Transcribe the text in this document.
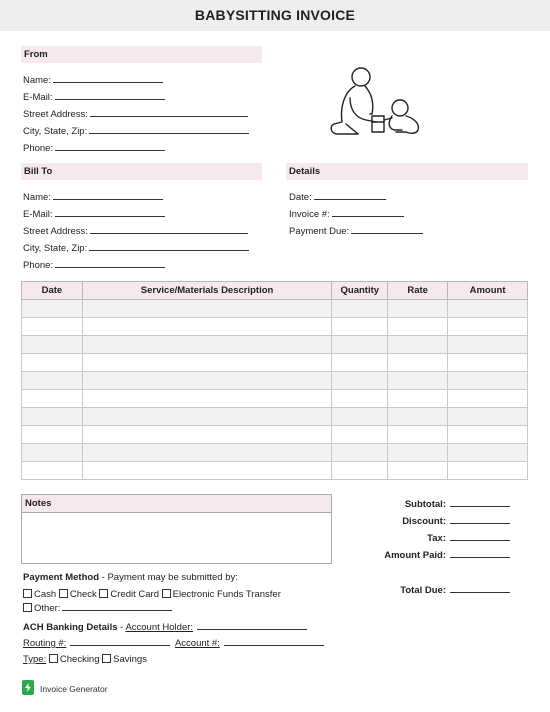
BABYSITTING INVOICE
From
Name:
E-Mail:
Street Address:
City, State, Zip:
Phone:
Bill To
Name:
E-Mail:
Street Address:
City, State, Zip:
Phone:
Details
Date:
Invoice #:
Payment Due:
Date	Service/Materials Description	Quantity	Rate	Amount

Notes	Subtotal:
Discount:
Tax:
Amount Paid:
Total Due:
Payment Method - Payment may be submitted by:
Cash Check Credit Card Electronic Funds Transfer
Other:
ACH Banking Details - Account Holder:
Routing #:	Account #:
Type: Checking Savings
Invoice Generator
